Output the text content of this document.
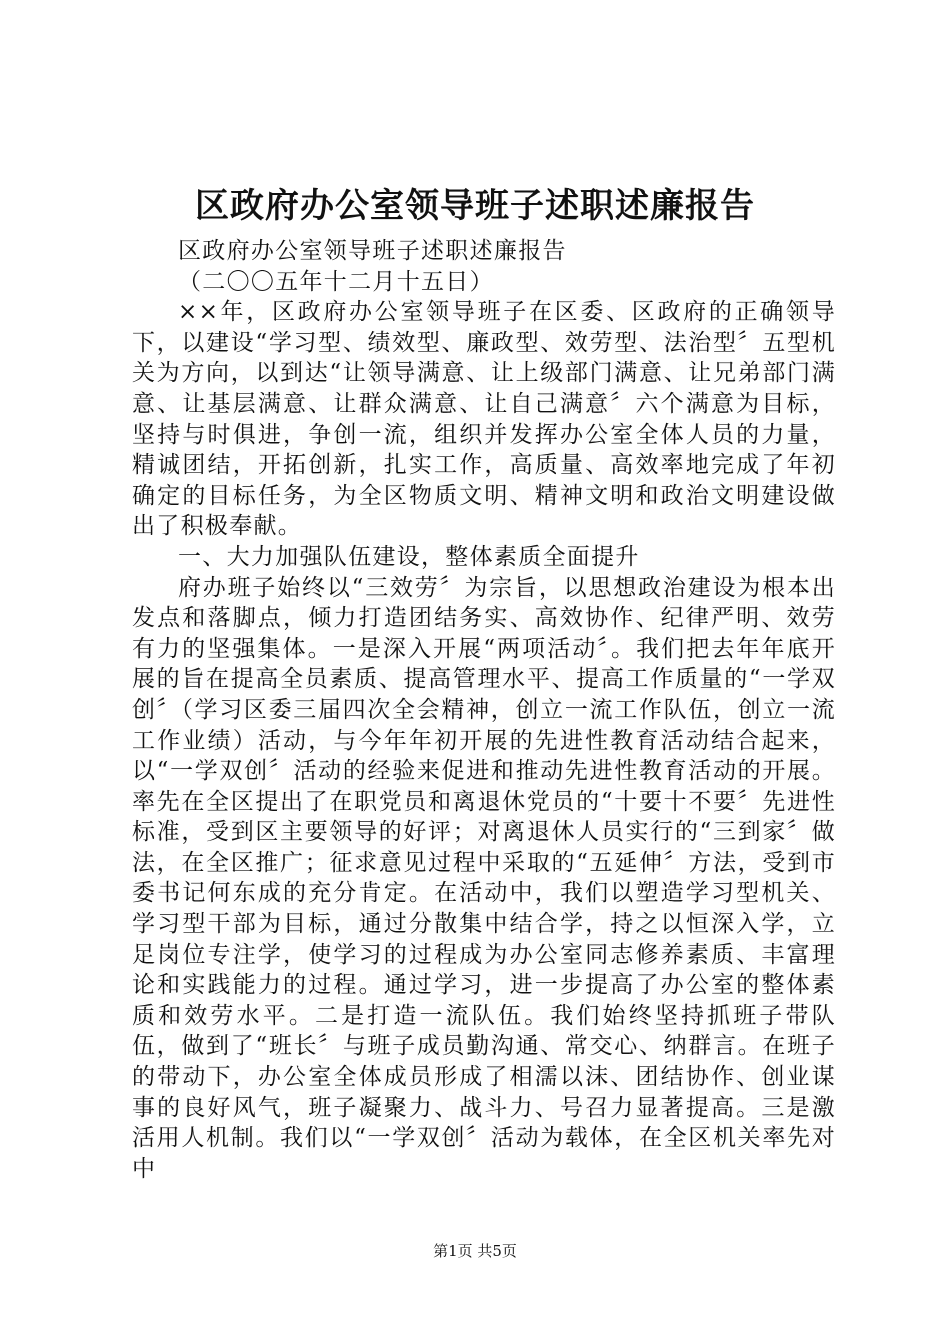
区政府办公室领导班子述职述廉报告

区政府办公室领导班子述职述廉报告

（二〇〇五年十二月十五日）

××年，区政府办公室领导班子在区委、区政府的正确领导下，以建设“学习型、绩效型、廉政型、效劳型、法治型〞五型机关为方向，以到达“让领导满意、让上级部门满意、让兄弟部门满意、让基层满意、让群众满意、让自己满意〞六个满意为目标，坚持与时俱进，争创一流，组织并发挥办公室全体人员的力量，精诚团结，开拓创新，扎实工作，高质量、高效率地完成了年初确定的目标任务，为全区物质文明、精神文明和政治文明建设做出了积极奉献。

一、大力加强队伍建设，整体素质全面提升

府办班子始终以“三效劳〞为宗旨，以思想政治建设为根本出发点和落脚点，倾力打造团结务实、高效协作、纪律严明、效劳有力的坚强集体。一是深入开展“两项活动〞。我们把去年年底开展的旨在提高全员素质、提高管理水平、提高工作质量的“一学双创〞（学习区委三届四次全会精神，创立一流工作队伍，创立一流工作业绩）活动，与今年年初开展的先进性教育活动结合起来，以“一学双创〞活动的经验来促进和推动先进性教育活动的开展。率先在全区提出了在职党员和离退休党员的“十要十不要〞先进性标准，受到区主要领导的好评；对离退休人员实行的“三到家〞做法，在全区推广；征求意见过程中采取的“五延伸〞方法，受到市委书记何东成的充分肯定。在活动中，我们以塑造学习型机关、学习型干部为目标，通过分散集中结合学，持之以恒深入学，立足岗位专注学，使学习的过程成为办公室同志修养素质、丰富理论和实践能力的过程。通过学习，进一步提高了办公室的整体素质和效劳水平。二是打造一流队伍。我们始终坚持抓班子带队伍，做到了“班长〞与班子成员勤沟通、常交心、纳群言。在班子的带动下，办公室全体成员形成了相濡以沫、团结协作、创业谋事的良好风气，班子凝聚力、战斗力、号召力显著提高。三是激活用人机制。我们以“一学双创〞活动为载体，在全区机关率先对中

第1页 共5页
